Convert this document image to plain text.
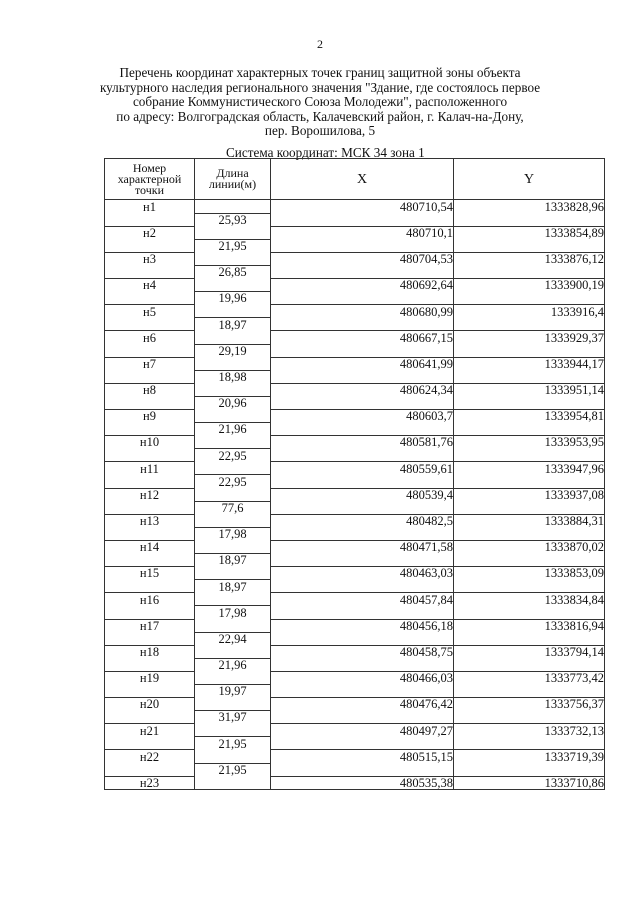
2
Перечень координат характерных точек границ защитной зоны объекта
культурного наследия регионального значения "Здание, где состоялось первое
собрание Коммунистического Союза Молодежи", расположенного
по адресу: Волгоградская область, Калачевский район, г. Калач-на-Дону,
пер. Ворошилова, 5
Система координат: МСК 34 зона 1
Номер
характерной
точки	Длина
линии(м)	X	Y
н1		480710,54	1333828,96
	25,93		
н2		480710,1	1333854,89
	21,95		
н3		480704,53	1333876,12
	26,85		
н4		480692,64	1333900,19
	19,96		
н5		480680,99	1333916,4
	18,97		
н6		480667,15	1333929,37
	29,19		
н7		480641,99	1333944,17
	18,98		
н8		480624,34	1333951,14
	20,96		
н9		480603,7	1333954,81
	21,96		
н10		480581,76	1333953,95
	22,95		
н11		480559,61	1333947,96
	22,95		
н12		480539,4	1333937,08
	77,6		
н13		480482,5	1333884,31
	17,98		
н14		480471,58	1333870,02
	18,97		
н15		480463,03	1333853,09
	18,97		
н16		480457,84	1333834,84
	17,98		
н17		480456,18	1333816,94
	22,94		
н18		480458,75	1333794,14
	21,96		
н19		480466,03	1333773,42
	19,97		
н20		480476,42	1333756,37
	31,97		
н21		480497,27	1333732,13
	21,95		
н22		480515,15	1333719,39
	21,95		
н23		480535,38	1333710,86
